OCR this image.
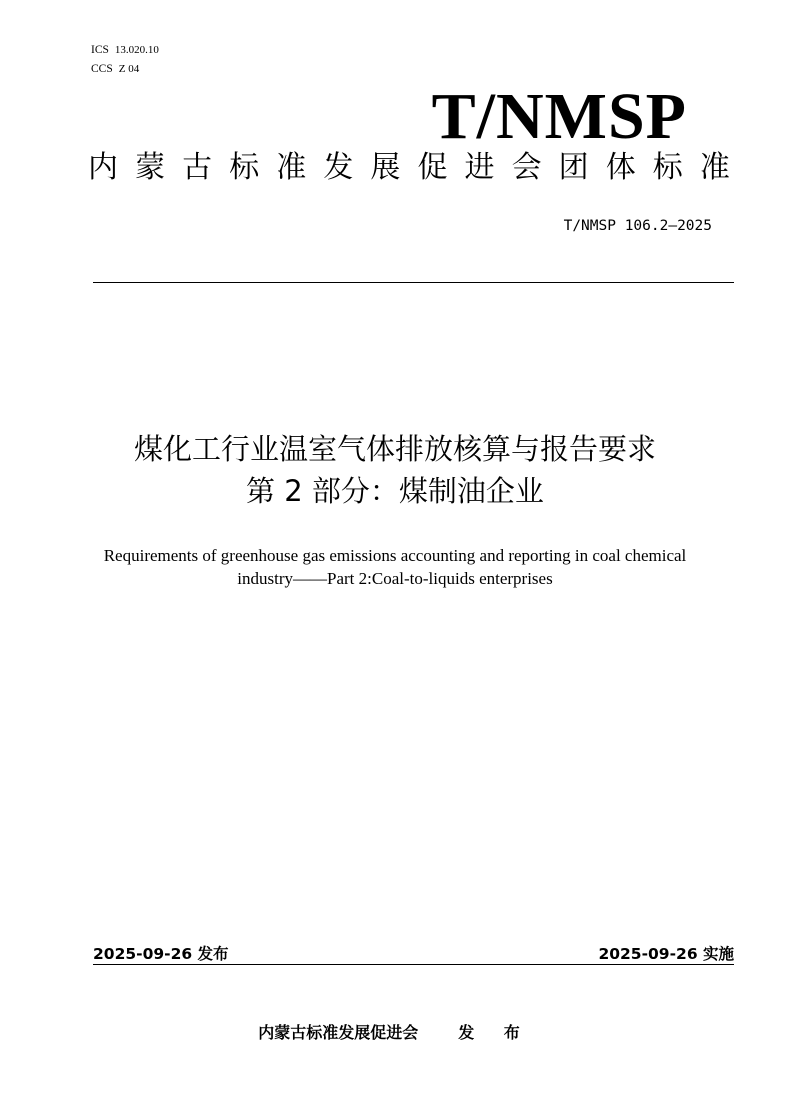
ICS 13.020.10
CCS Z 04
T/NMSP
内 蒙 古 标 准 发 展 促 进 会 团 体 标 准
T/NMSP 106.2—2025
煤化工行业温室气体排放核算与报告要求
第 2 部分：煤制油企业
Requirements of greenhouse gas emissions accounting and reporting in coal chemical
industry——Part 2:Coal-to-liquids enterprises
2025-09-26 发布	2025-09-26 实施
内蒙古标准发展促进会	发 布
